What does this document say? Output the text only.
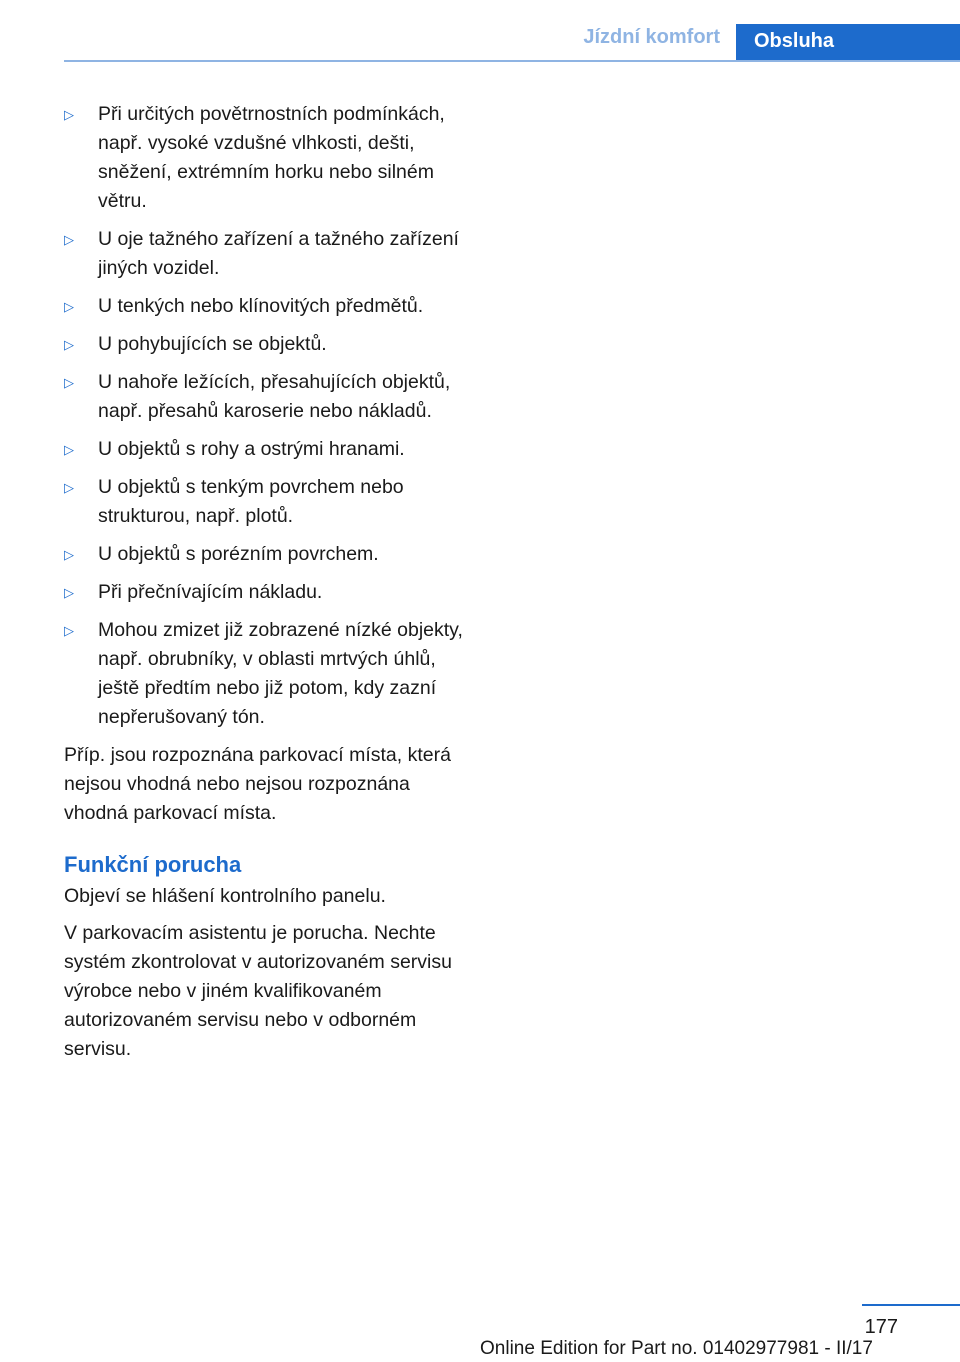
Jízdní komfort	Obsluha
▷	Při určitých povětrnostních podmínkách, např. vysoké vzdušné vlhkosti, dešti, sněžení, extrémním horku nebo silném větru.
▷	U oje tažného zařízení a tažného zařízení jiných vozidel.
▷	U tenkých nebo klínovitých předmětů.
▷	U pohybujících se objektů.
▷	U nahoře ležících, přesahujících objektů, např. přesahů karoserie nebo nákladů.
▷	U objektů s rohy a ostrými hranami.
▷	U objektů s tenkým povrchem nebo strukturou, např. plotů.
▷	U objektů s porézním povrchem.
▷	Při přečnívajícím nákladu.
▷	Mohou zmizet již zobrazené nízké objekty, např. obrubníky, v oblasti mrtvých úhlů, ještě předtím nebo již potom, kdy zazní nepřerušovaný tón.

Příp. jsou rozpoznána parkovací místa, která nejsou vhodná nebo nejsou rozpoznána vhodná parkovací místa.

Funkční porucha

Objeví se hlášení kontrolního panelu.

V parkovacím asistentu je porucha. Nechte systém zkontrolovat v autorizovaném servisu výrobce nebo v jiném kvalifikovaném autorizovaném servisu nebo v odborném servisu.

177
Online Edition for Part no. 01402977981 - II/17
